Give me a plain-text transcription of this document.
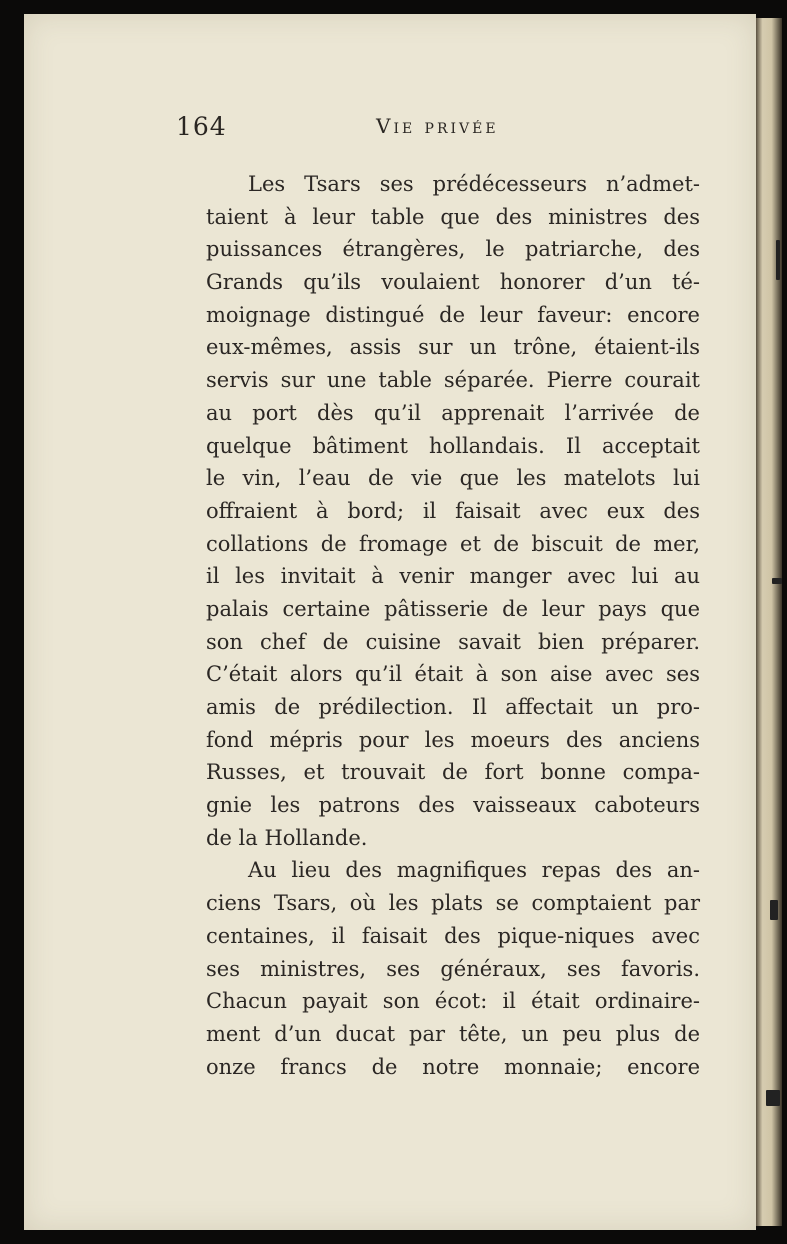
164	Vie privée
Les Tsars ses prédécesseurs n’admet-
taient à leur table que des ministres des
puissances étrangères, le patriarche, des
Grands qu’ils voulaient honorer d’un té-
moignage distingué de leur faveur: encore
eux-mêmes, assis sur un trône, étaient-ils
servis sur une table séparée. Pierre courait
au port dès qu’il apprenait l’arrivée de
quelque bâtiment hollandais. Il acceptait
le vin, l’eau de vie que les matelots lui
offraient à bord; il faisait avec eux des
collations de fromage et de biscuit de mer,
il les invitait à venir manger avec lui au
palais certaine pâtisserie de leur pays que
son chef de cuisine savait bien préparer.
C’était alors qu’il était à son aise avec ses
amis de prédilection. Il affectait un pro-
fond mépris pour les moeurs des anciens
Russes, et trouvait de fort bonne compa-
gnie les patrons des vaisseaux caboteurs
de la Hollande.
Au lieu des magnifiques repas des an-
ciens Tsars, où les plats se comptaient par
centaines, il faisait des pique-niques avec
ses ministres, ses généraux, ses favoris.
Chacun payait son écot: il était ordinaire-
ment d’un ducat par tête, un peu plus de
onze francs de notre monnaie; encore
